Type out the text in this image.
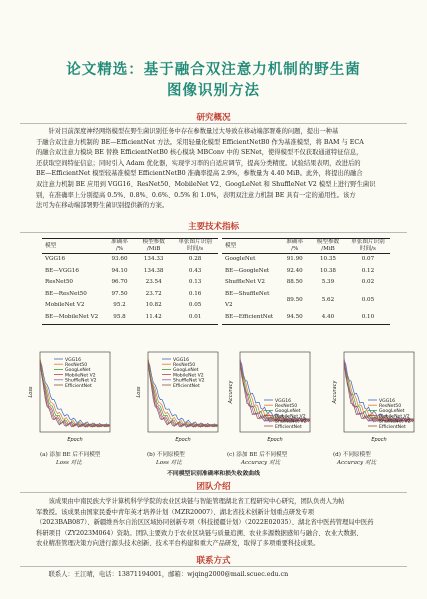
论文精选：基于融合双注意力机制的野生菌
图像识别方法
研究概况
针对目前深度神经网络模型在野生菌识别任务中存在参数量过大导致在移动端部署难的问题，提出一种基
于融合双注意力机制的 BE—EfficientNet 方法。采用轻量化模型 EfficientNetB0 作为基准模型，将 BAM 与 ECA
的融合双注意力模块 BE 替换 EfficientNetB0 核心模块 MBConv 中的 SENet，使得模型不仅获取通道特征信息，
还获取空间特征信息；同时引入 Adam 优化器，实现学习率的自适应调节，提高分类精度。试验结果表明，改进后的
BE—EfficientNet 模型较基准模型 EfficientNetB0 准确率提高 2.9%，参数量为 4.40 MiB。此外，将提出的融合
双注意力机制 BE 应用到 VGG16、ResNet50、MobileNet V2、GoogLeNet 和 ShuffleNet V2 模型上进行野生菌识
别，在准确率上分别提高 0.5%、0.8%、0.6%、0.5% 和 1.0%，表明双注意力机制 BE 具有一定的通用性。该方
法可为在移动端部署野生菌识别提供新的方案。
主要技术指标
模型	准确率 /%	模型参数 /MiB	单张图片识别 时间/s
VGG16	93.60	134.33	0.28
BE—VGG16	94.10	134.38	0.43
ResNet50	96.70	23.54	0.13
BE—ResNet50	97.50	23.72	0.16
MobileNet V2	95.2	10.82	0.05
BE—MobileNet V2	95.8	11.42	0.01
模型	准确率 /%	模型参数 /MiB	单张图片识别 时间/s
GoogleNet	91.90	10.35	0.07
BE—GoogleNet	92.40	10.38	0.12
ShuffleNet V2	88.50	5.39	0.02
BE—ShuffleNet V2	89.50	5.62	0.05
BE—EfficientNet	94.50	4.40	0.10
VGG16
ResNet50
GoogLeNet
MobileNet V2
ShuffleNet V2
EfficientNet
Epoch
Loss
VGG16
ResNet50
GoogLeNet
MobileNet V2
ShuffleNet V2
EfficientNet
Epoch
Loss
VGG16
ResNet50
GoogLeNet
MobileNet V2
ShuffleNet V2
EfficientNet
Epoch
Accuracy	VGG16
ResNet50
GoogLeNet
MobileNet V2
ShuffleNet V2
EfficientNet
Epoch
Accuracy
(a) 添加 BE 后不同模型
Loss 对比
(b) 不同原模型
Loss 对比
(c) 添加 BE 后不同模型
Accuracy 对比
(d) 不同原模型
Accuracy 对比
不同模型识别准确率和损失收敛曲线
团队介绍
该成果由中南民族大学计算机科学学院的农业区块链与智能管理湖北省工程研究中心研究，团队负责人为帖
军教授。该成果由国家民委中青年英才培养计划（MZR20007）、湖北省技术创新计划重点研发专项
（2023BAB087）、新疆维吾尔自治区区域协同创新专项（科技援疆计划）（2022E02035）、湖北省中医药管理局中医药
科研项目（ZY2023M064）资助。团队主要致力于农业区块链与质量追溯、农业多源数据感知与融合、农业大数据、
农业精准管理决策方向进行源头技术创新、技术平台构建和重大产品研发，取得了多项重要科技成果。
联系方式
联系人：王江晴，电话：13871194001，邮箱：wjqing2000@mail.scuec.edu.cn
